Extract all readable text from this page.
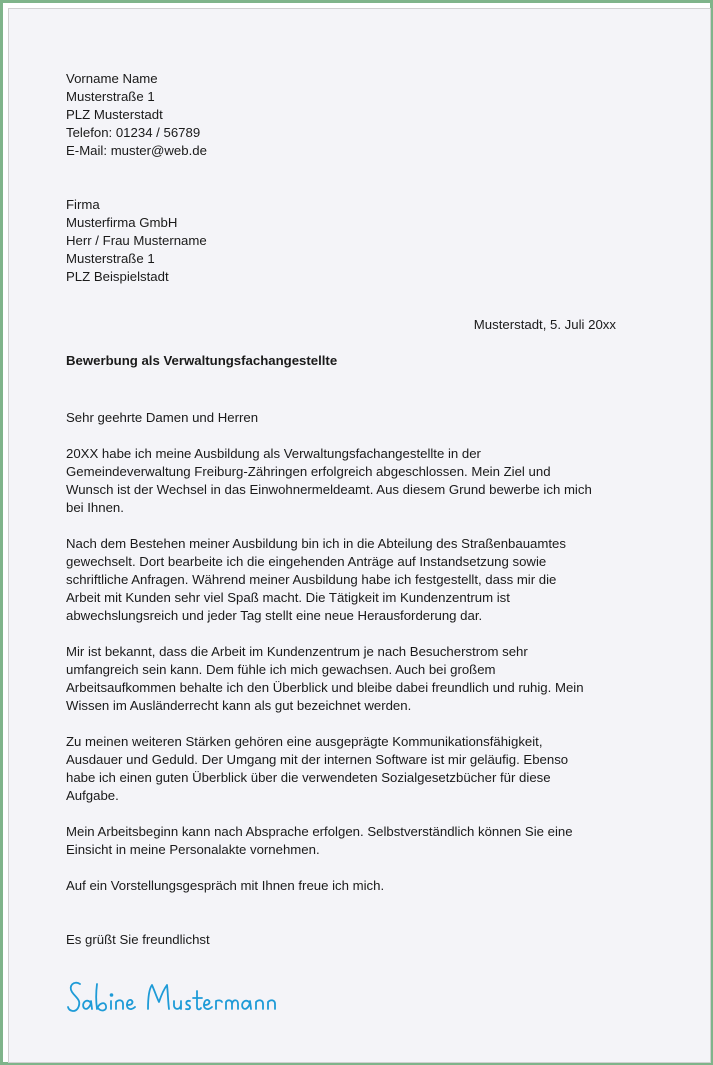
Vorname Name
Musterstraße 1
PLZ Musterstadt
Telefon: 01234 / 56789
E-Mail: muster@web.de
Firma
Musterfirma GmbH
Herr / Frau Mustername
Musterstraße 1
PLZ Beispielstadt
Musterstadt, 5. Juli 20xx
Bewerbung als Verwaltungsfachangestellte
Sehr geehrte Damen und Herren
20XX habe ich meine Ausbildung als Verwaltungsfachangestellte in der
Gemeindeverwaltung Freiburg-Zähringen erfolgreich abgeschlossen. Mein Ziel und
Wunsch ist der Wechsel in das Einwohnermeldeamt. Aus diesem Grund bewerbe ich mich
bei Ihnen.
Nach dem Bestehen meiner Ausbildung bin ich in die Abteilung des Straßenbauamtes
gewechselt. Dort bearbeite ich die eingehenden Anträge auf Instandsetzung sowie
schriftliche Anfragen. Während meiner Ausbildung habe ich festgestellt, dass mir die
Arbeit mit Kunden sehr viel Spaß macht. Die Tätigkeit im Kundenzentrum ist
abwechslungsreich und jeder Tag stellt eine neue Herausforderung dar.
Mir ist bekannt, dass die Arbeit im Kundenzentrum je nach Besucherstrom sehr
umfangreich sein kann. Dem fühle ich mich gewachsen. Auch bei großem
Arbeitsaufkommen behalte ich den Überblick und bleibe dabei freundlich und ruhig. Mein
Wissen im Ausländerrecht kann als gut bezeichnet werden.
Zu meinen weiteren Stärken gehören eine ausgeprägte Kommunikationsfähigkeit,
Ausdauer und Geduld. Der Umgang mit der internen Software ist mir geläufig. Ebenso
habe ich einen guten Überblick über die verwendeten Sozialgesetzbücher für diese
Aufgabe.
Mein Arbeitsbeginn kann nach Absprache erfolgen. Selbstverständlich können Sie eine
Einsicht in meine Personalakte vornehmen.
Auf ein Vorstellungsgespräch mit Ihnen freue ich mich.
Es grüßt Sie freundlichst
